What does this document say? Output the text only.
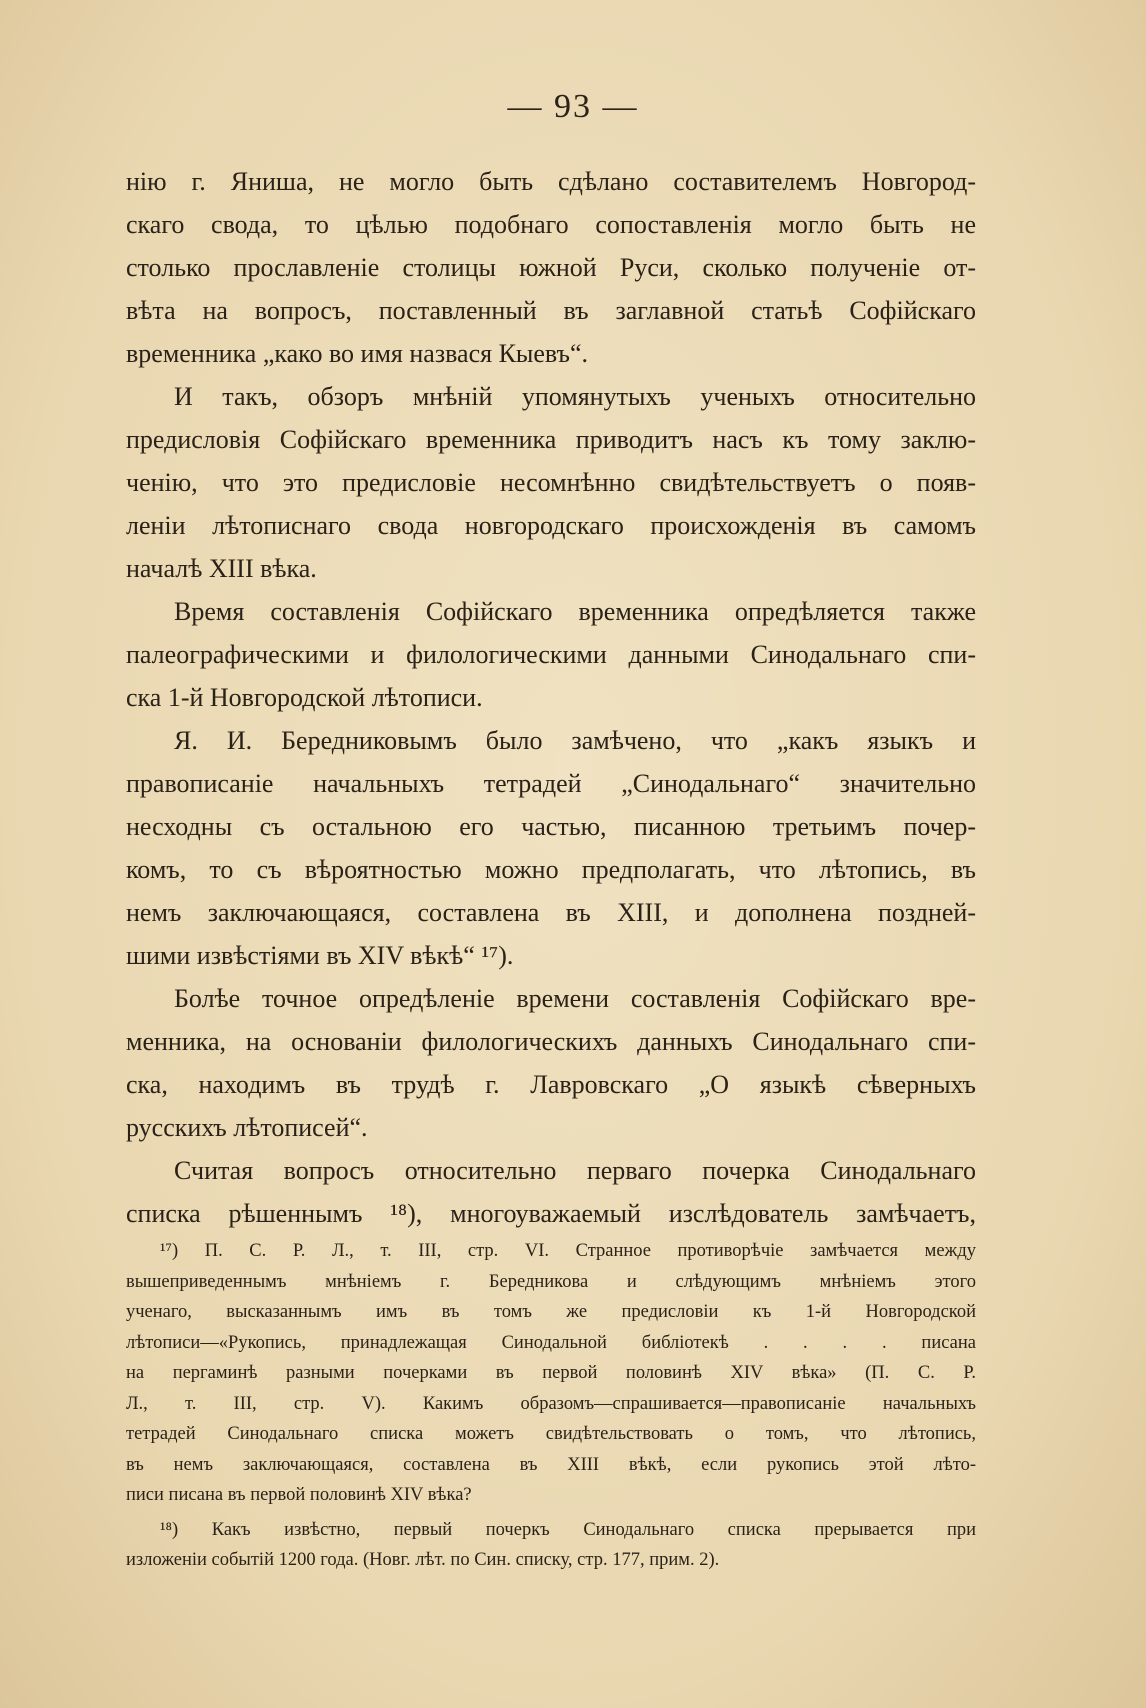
— 93 —
нію г. Яниша, не могло быть сдѣлано составителемъ Новгород-
скаго свода, то цѣлью подобнаго сопоставленія могло быть не
столько прославленіе столицы южной Руси, сколько полученіе от-
вѣта на вопросъ, поставленный въ заглавной статьѣ Софійскаго
временника „како во имя назвася Кыевъ“.
И такъ, обзоръ мнѣній упомянутыхъ ученыхъ относительно
предисловія Софійскаго временника приводитъ насъ къ тому заклю-
ченію, что это предисловіе несомнѣнно свидѣтельствуетъ о появ-
леніи лѣтописнаго свода новгородскаго происхожденія въ самомъ
началѣ XIII вѣка.
Время составленія Софійскаго временника опредѣляется также
палеографическими и филологическими данными Синодальнаго спи-
ска 1-й Новгородской лѣтописи.
Я. И. Бередниковымъ было замѣчено, что „какъ языкъ и
правописаніе начальныхъ тетрадей „Синодальнаго“ значительно
несходны съ остальною его частью, писанною третьимъ почер-
комъ, то съ вѣроятностью можно предполагать, что лѣтопись, въ
немъ заключающаяся, составлена въ XIII, и дополнена поздней-
шими извѣстіями въ XIV вѣкѣ“ ¹⁷).
Болѣе точное опредѣленіе времени составленія Софійскаго вре-
менника, на основаніи филологическихъ данныхъ Синодальнаго спи-
ска, находимъ въ трудѣ г. Лавровскаго „О языкѣ сѣверныхъ
русскихъ лѣтописей“.
Считая вопросъ относительно перваго почерка Синодальнаго
списка рѣшеннымъ ¹⁸), многоуважаемый изслѣдователь замѣчаетъ,
¹⁷) П. С. Р. Л., т. III, стр. VI. Странное противорѣчіе замѣчается между
вышеприведеннымъ мнѣніемъ г. Бередникова и слѣдующимъ мнѣніемъ этого
ученаго, высказаннымъ имъ въ томъ же предисловіи къ 1-й Новгородской
лѣтописи—«Рукопись, принадлежащая Синодальной библіотекѣ . . . . писана
на пергаминѣ разными почерками въ первой половинѣ XIV вѣка» (П. С. Р.
Л., т. III, стр. V). Какимъ образомъ—спрашивается—правописаніе начальныхъ
тетрадей Синодальнаго списка можетъ свидѣтельствовать о томъ, что лѣтопись,
въ немъ заключающаяся, составлена въ XIII вѣкѣ, если рукопись этой лѣто-
писи писана въ первой половинѣ XIV вѣка?
¹⁸) Какъ извѣстно, первый почеркъ Синодальнаго списка прерывается при
изложеніи событій 1200 года. (Новг. лѣт. по Син. списку, стр. 177, прим. 2).
